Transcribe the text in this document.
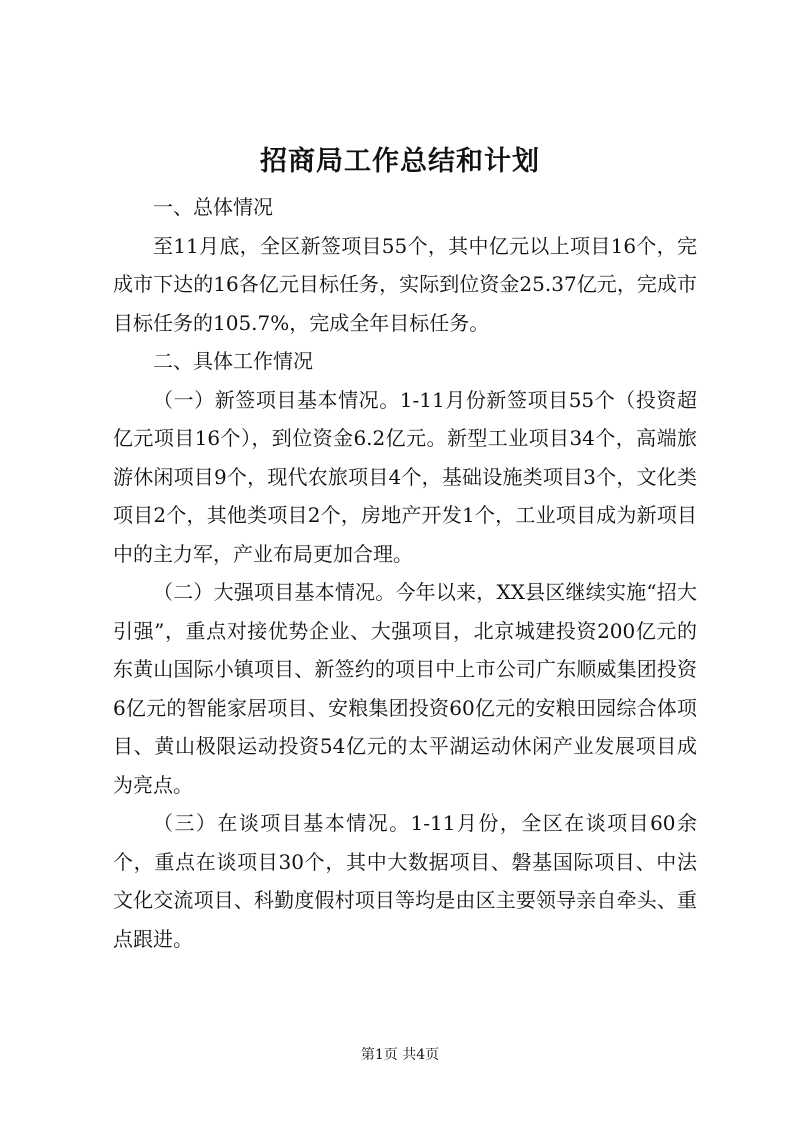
招商局工作总结和计划

一、总体情况

至11月底，全区新签项目55个，其中亿元以上项目16个，完成市下达的16各亿元目标任务，实际到位资金25.37亿元，完成市目标任务的105.7%，完成全年目标任务。

二、具体工作情况

（一）新签项目基本情况。1-11月份新签项目55个（投资超亿元项目16个），到位资金6.2亿元。新型工业项目34个，高端旅游休闲项目9个，现代农旅项目4个，基础设施类项目3个，文化类项目2个，其他类项目2个，房地产开发1个，工业项目成为新项目中的主力军，产业布局更加合理。

（二）大强项目基本情况。今年以来，XX县区继续实施“招大引强”，重点对接优势企业、大强项目，北京城建投资200亿元的东黄山国际小镇项目、新签约的项目中上市公司广东顺威集团投资6亿元的智能家居项目、安粮集团投资60亿元的安粮田园综合体项目、黄山极限运动投资54亿元的太平湖运动休闲产业发展项目成为亮点。

（三）在谈项目基本情况。1-11月份，全区在谈项目60余个，重点在谈项目30个，其中大数据项目、磐基国际项目、中法文化交流项目、科勤度假村项目等均是由区主要领导亲自牵头、重点跟进。

第1页 共4页
